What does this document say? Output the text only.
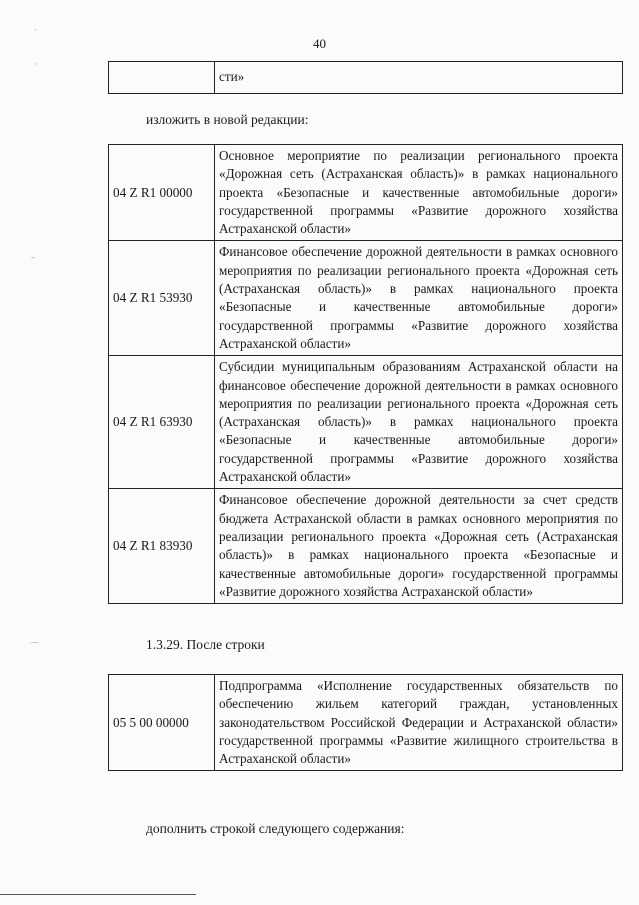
40
	сти»
изложить в новой редакции:
04 Z R1 00000	Основное мероприятие по реализации регионального проекта «Дорожная сеть (Астраханская область)» в рамках национального проекта «Безопасные и качественные автомобильные дороги» государственной программы «Развитие дорожного хозяйства Астраханской области»
04 Z R1 53930	Финансовое обеспечение дорожной деятельности в рамках основного мероприятия по реализации регионального проекта «Дорожная сеть (Астраханская область)» в рамках национального проекта «Безопасные и качественные автомобильные дороги» государственной программы «Развитие дорожного хозяйства Астраханской области»
04 Z R1 63930	Субсидии муниципальным образованиям Астраханской области на финансовое обеспечение дорожной деятельности в рамках основного мероприятия по реализации регионального проекта «Дорожная сеть (Астраханская область)» в рамках национального проекта «Безопасные и качественные автомобильные дороги» государственной программы «Развитие дорожного хозяйства Астраханской области»
04 Z R1 83930	Финансовое обеспечение дорожной деятельности за счет средств бюджета Астраханской области в рамках основного мероприятия по реализации регионального проекта «Дорожная сеть (Астраханская область)» в рамках национального проекта «Безопасные и качественные автомобильные дороги» государственной программы «Развитие дорожного хозяйства Астраханской области»
1.3.29. После строки
05 5 00 00000	Подпрограмма «Исполнение государственных обязательств по обеспечению жильем категорий граждан, установленных законодательством Российской Федерации и Астраханской области» государственной программы «Развитие жилищного строительства в Астраханской области»
дополнить строкой следующего содержания:
·
·
–
⌒
